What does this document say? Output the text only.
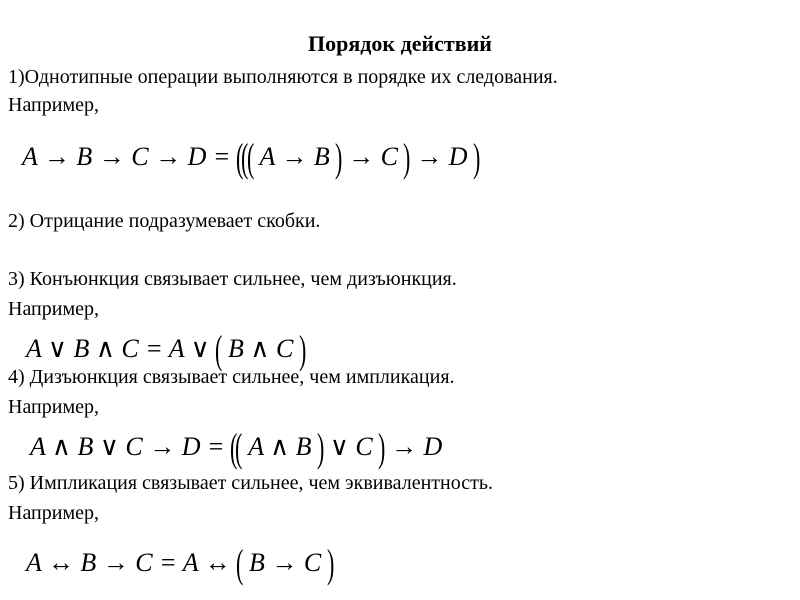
Порядок действий
1)Однотипные операции выполняются в порядке их следования.
Например,
A → B → C → D = ((( A → B ) → C ) → D )
2) Отрицание подразумевает скобки.
3) Конъюнкция связывает сильнее, чем дизъюнкция.
Например,
A ∨ B ∧ C = A ∨ ( B ∧ C )
4) Дизъюнкция связывает сильнее, чем импликация.
Например,
A ∧ B ∨ C → D = (( A ∧ B ) ∨ C ) → D
5) Импликация связывает сильнее, чем эквивалентность.
Например,
A ↔ B → C = A ↔ ( B → C )
